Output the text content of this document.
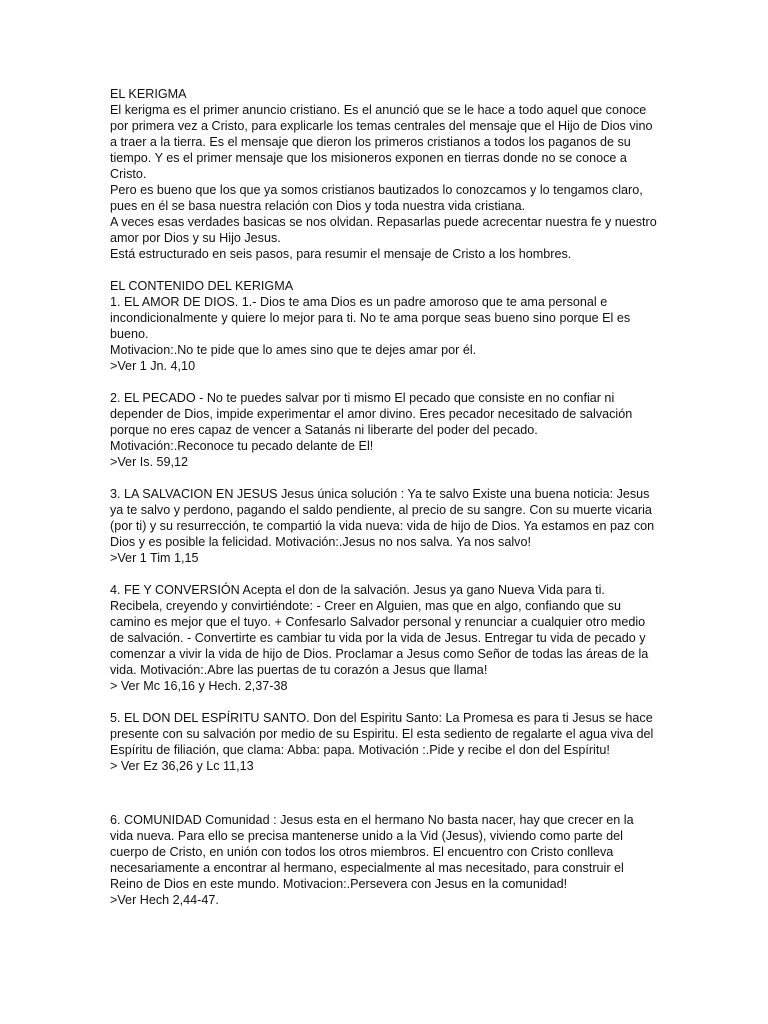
EL KERIGMA

El kerigma es el primer anuncio cristiano. Es el anunció que se le hace a todo aquel que conoce por primera vez a Cristo, para explicarle los temas centrales del mensaje que el Hijo de Dios vino a traer a la tierra. Es el mensaje que dieron los primeros cristianos a todos los paganos de su tiempo. Y es el primer mensaje que los misioneros exponen en tierras donde no se conoce a Cristo.

Pero es bueno que los que ya somos cristianos bautizados lo conozcamos y lo tengamos claro, pues en él se basa nuestra relación con Dios y toda nuestra vida cristiana.

A veces esas verdades basicas se nos olvidan. Repasarlas puede acrecentar nuestra fe y nuestro amor por Dios y su Hijo Jesus.

Está estructurado en seis pasos, para resumir el mensaje de Cristo a los hombres.

EL CONTENIDO DEL KERIGMA

1. EL AMOR DE DIOS. 1.- Dios te ama Dios es un padre amoroso que te ama personal e incondicionalmente y quiere lo mejor para ti. No te ama porque seas bueno sino porque El es bueno.

Motivacion:.No te pide que lo ames sino que te dejes amar por él.

>Ver 1 Jn. 4,10

2. EL PECADO - No te puedes salvar por ti mismo El pecado que consiste en no confiar ni depender de Dios, impide experimentar el amor divino. Eres pecador necesitado de salvación porque no eres capaz de vencer a Satanás ni liberarte del poder del pecado.

Motivación:.Reconoce tu pecado delante de El!

>Ver Is. 59,12

3. LA SALVACION EN JESUS Jesus única solución : Ya te salvo Existe una buena noticia: Jesus ya te salvo y perdono, pagando el saldo pendiente, al precio de su sangre. Con su muerte vicaria (por ti) y su resurrección, te compartió la vida nueva: vida de hijo de Dios. Ya estamos en paz con Dios y es posible la felicidad. Motivación:.Jesus no nos salva. Ya nos salvo!

>Ver 1 Tim 1,15

4. FE Y CONVERSIÓN Acepta el don de la salvación. Jesus ya gano Nueva Vida para ti. Recibela, creyendo y convirtiéndote: - Creer en Alguien, mas que en algo, confiando que su camino es mejor que el tuyo. + Confesarlo Salvador personal y renunciar a cualquier otro medio de salvación. - Convertirte es cambiar tu vida por la vida de Jesus. Entregar tu vida de pecado y comenzar a vivir la vida de hijo de Dios. Proclamar a Jesus como Señor de todas las áreas de la vida. Motivación:.Abre las puertas de tu corazón a Jesus que llama!

> Ver Mc 16,16 y Hech. 2,37-38

5. EL DON DEL ESPÍRITU SANTO. Don del Espiritu Santo: La Promesa es para ti Jesus se hace presente con su salvación por medio de su Espiritu. El esta sediento de regalarte el agua viva del Espíritu de filiación, que clama: Abba: papa. Motivación :.Pide y recibe el don del Espíritu!

> Ver Ez 36,26 y Lc 11,13

6. COMUNIDAD Comunidad : Jesus esta en el hermano No basta nacer, hay que crecer en la vida nueva. Para ello se precisa mantenerse unido a la Vid (Jesus), viviendo como parte del cuerpo de Cristo, en unión con todos los otros miembros. El encuentro con Cristo conlleva necesariamente a encontrar al hermano, especialmente al mas necesitado, para construir el Reino de Dios en este mundo. Motivacion:.Persevera con Jesus en la comunidad!

>Ver Hech 2,44-47.
